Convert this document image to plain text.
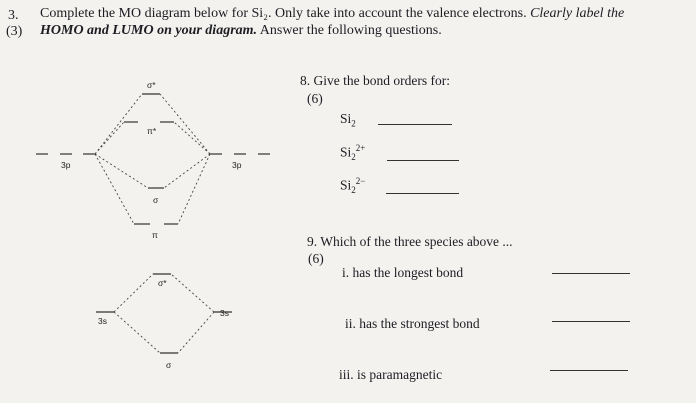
3. Complete the MO diagram below for Si₂. Only take into account the valence electrons. Clearly label the
(3) HOMO and LUMO on your diagram. Answer the following questions.
σ*
π*
3p	3p
σ
π
σ*
3s
3s
σ
8. Give the bond orders for:
(6)
$Si_2$
$Si_2^{2+}$
$Si_2^{2-}$
9. Which of the three species above ...
(6)
i. has the longest bond
ii. has the strongest bond
iii. is paramagnetic
